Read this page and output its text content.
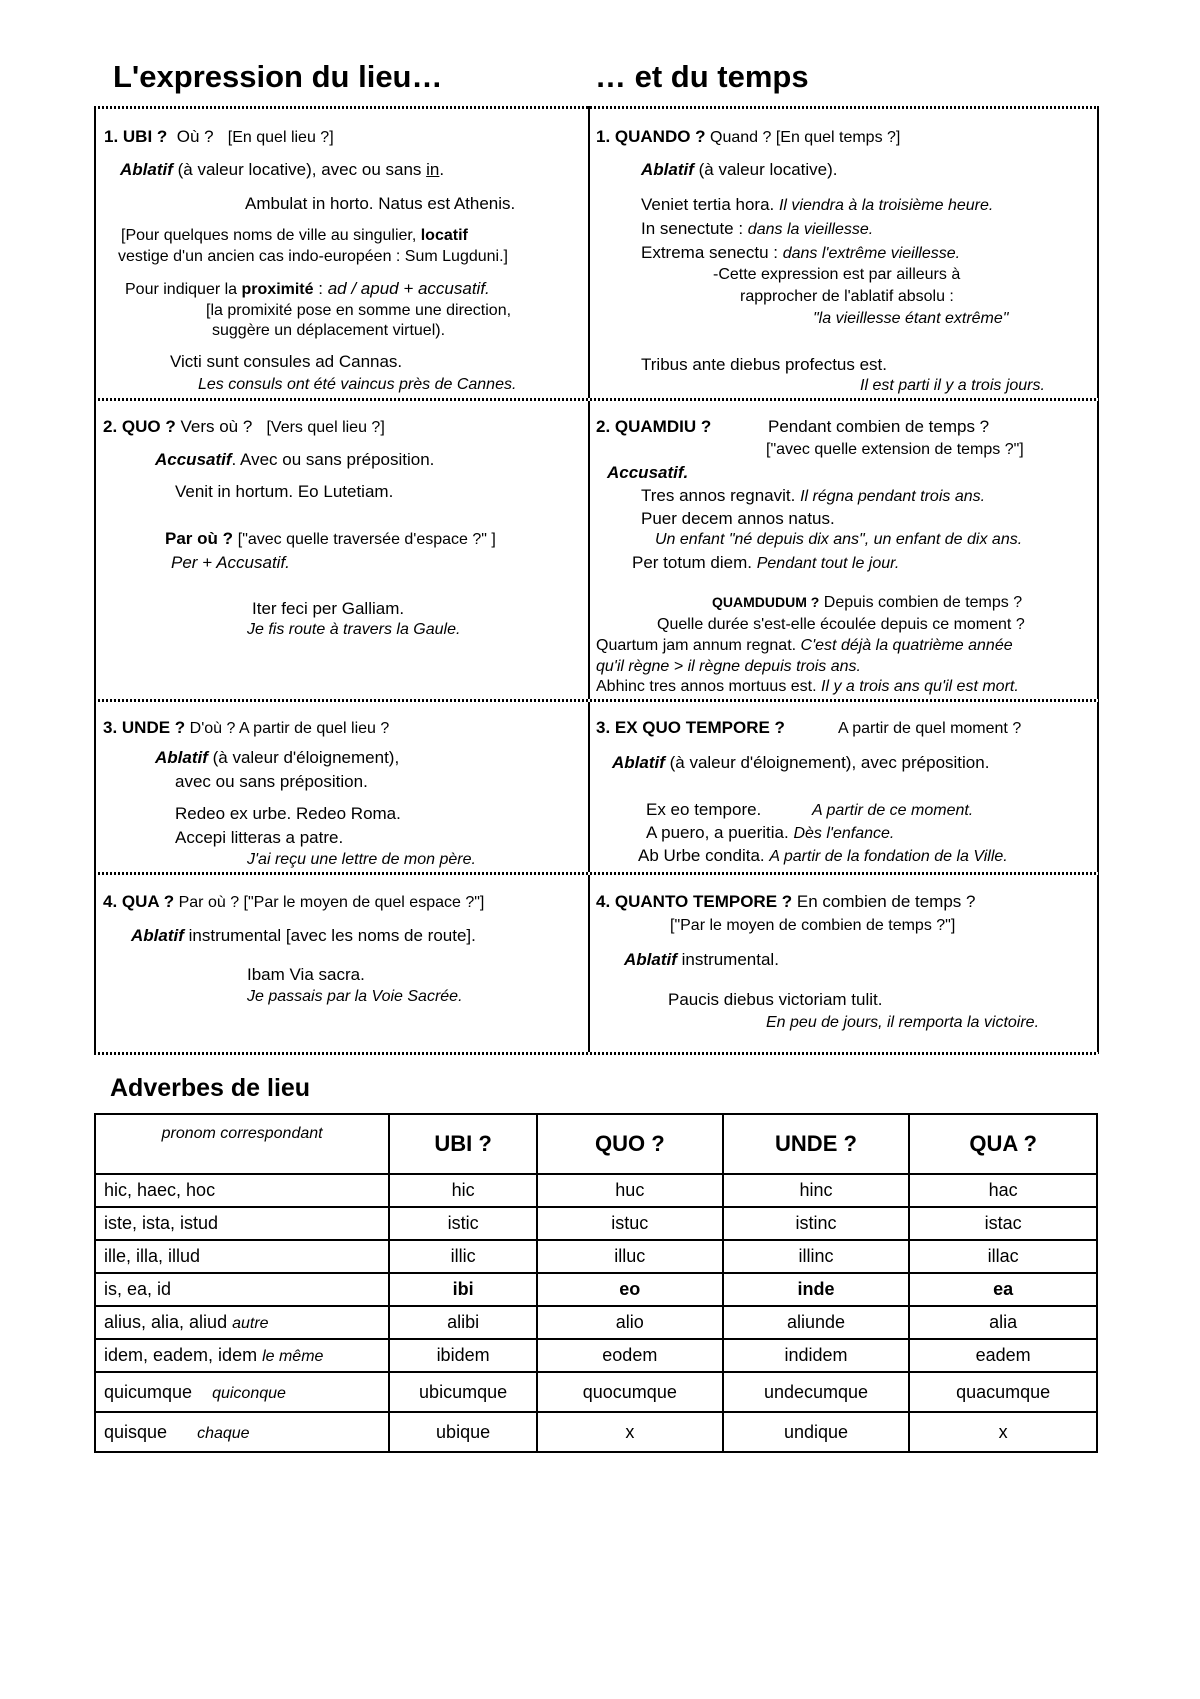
L'expression du lieu…	… et du temps
1. UBI ? Où ? [En quel lieu ?]
Ablatif (à valeur locative), avec ou sans in.
Ambulat in horto. Natus est Athenis.
[Pour quelques noms de ville au singulier, locatif
vestige d'un ancien cas indo-européen : Sum Lugduni.]
Pour indiquer la proximité : ad / apud + accusatif.
[la promixité pose en somme une direction,
suggère un déplacement virtuel).
Victi sunt consules ad Cannas.
Les consuls ont été vaincus près de Cannes.
1. QUANDO ? Quand ? [En quel temps ?]
Ablatif (à valeur locative).
Veniet tertia hora. Il viendra à la troisième heure.
In senectute : dans la vieillesse.
Extrema senectu : dans l'extrême vieillesse.
-Cette expression est par ailleurs à
rapprocher de l'ablatif absolu :
"la vieillesse étant extrême"
Tribus ante diebus profectus est.
Il est parti il y a trois jours.
2. QUO ? Vers où ?   [Vers quel lieu ?]
Accusatif. Avec ou sans préposition.
Venit in hortum. Eo Lutetiam.
Par où ? ["avec quelle traversée d'espace ?" ]
Per + Accusatif.
Iter feci per Galliam.
Je fis route à travers la Gaule.
2. QUAMDIU ?	Pendant combien de temps ?
["avec quelle extension de temps ?"]
Accusatif.
Tres annos regnavit. Il régna pendant trois ans.
Puer decem annos natus.
Un enfant "né depuis dix ans", un enfant de dix ans.
Per totum diem. Pendant tout le jour.
QUAMDUDUM ? Depuis combien de temps ?
Quelle durée s'est-elle écoulée depuis ce moment ?
Quartum jam annum regnat. C'est déjà la quatrième année
qu'il règne > il règne depuis trois ans.
Abhinc tres annos mortuus est. Il y a trois ans qu'il est mort.
3. UNDE ? D'où ? A partir de quel lieu ?
Ablatif (à valeur d'éloignement),
avec ou sans préposition.
Redeo ex urbe. Redeo Roma.
Accepi litteras a patre.
J'ai reçu une lettre de mon père.
3. EX QUO TEMPORE ?	A partir de quel moment ?
Ablatif (à valeur d'éloignement), avec préposition.
Ex eo tempore.	A partir de ce moment.
A puero, a pueritia. Dès l'enfance.
Ab Urbe condita. A partir de la fondation de la Ville.
4. QUA ? Par où ? ["Par le moyen de quel espace ?"]
Ablatif instrumental [avec les noms de route].
Ibam Via sacra.
Je passais par la Voie Sacrée.
4. QUANTO TEMPORE ? En combien de temps ?
["Par le moyen de combien de temps ?"]
Ablatif instrumental.
Paucis diebus victoriam tulit.
En peu de jours, il remporta la victoire.
Adverbes de lieu
pronom correspondant	UBI ?	QUO ?	UNDE ?	QUA ?
hic, haec, hoc	hic	huc	hinc	hac
iste, ista, istud	istic	istuc	istinc	istac
ille, illa, illud	illic	illuc	illinc	illac
is, ea, id	ibi	eo	inde	ea
alius, alia, aliud autre	alibi	alio	aliunde	alia
idem, eadem, idem le même	ibidem	eodem	indidem	eadem
quicumque    quiconque	ubicumque	quocumque	undecumque	quacumque
quisque      chaque	ubique	x	undique	x
